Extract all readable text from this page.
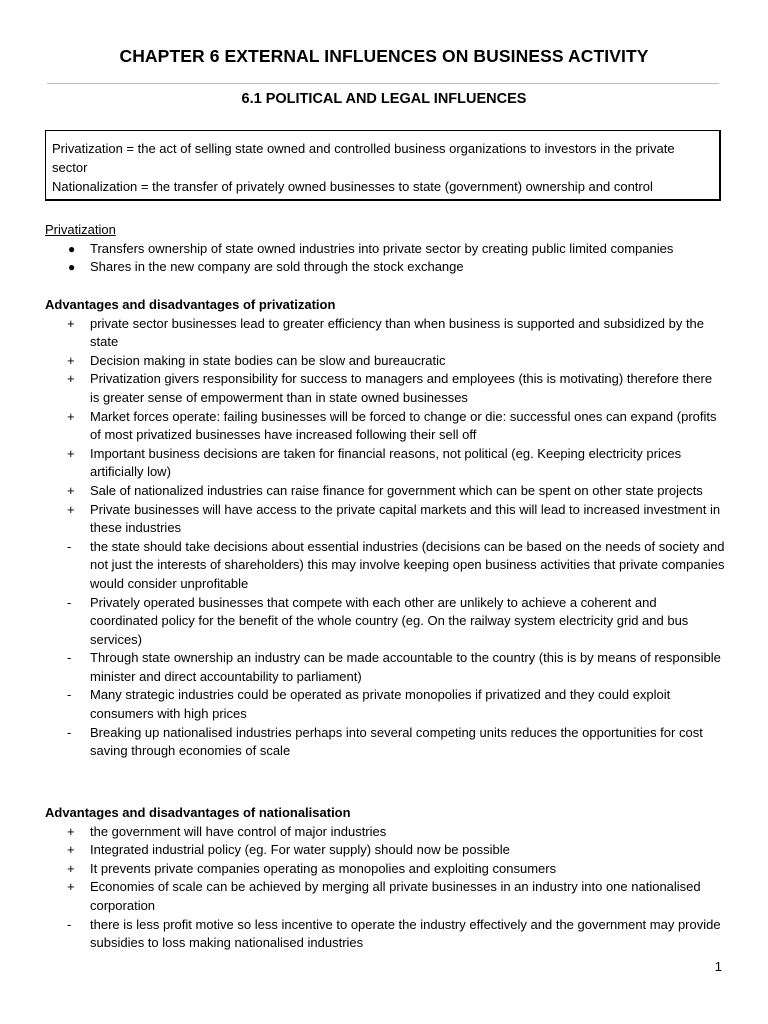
CHAPTER 6 EXTERNAL INFLUENCES ON BUSINESS ACTIVITY
6.1 POLITICAL AND LEGAL INFLUENCES

Privatization = the act of selling state owned and controlled business organizations to investors in the private sector

Nationalization = the transfer of privately owned businesses to state (government) ownership and control

Privatization

●	Transfers ownership of state owned industries into private sector by creating public limited companies
●	Shares in the new company are sold through the stock exchange

Advantages and disadvantages of privatization

+	private sector businesses lead to greater efficiency than when business is supported and subsidized by the state
+	Decision making in state bodies can be slow and bureaucratic
+	Privatization givers responsibility for success to managers and employees (this is motivating) therefore there is greater sense of empowerment than in state owned businesses
+	Market forces operate: failing businesses will be forced to change or die: successful ones can expand (profits of most privatized businesses have increased following their sell off
+	Important business decisions are taken for financial reasons, not political (eg. Keeping electricity prices artificially low)
+	Sale of nationalized industries can raise finance for government which can be spent on other state projects
+	Private businesses will have access to the private capital markets and this will lead to increased investment in these industries
-	the state should take decisions about essential industries (decisions can be based on the needs of society and not just the interests of shareholders) this may involve keeping open business activities that private companies would consider unprofitable
-	Privately operated businesses that compete with each other are unlikely to achieve a coherent and coordinated policy for the benefit of the whole country (eg. On the railway system electricity grid and bus services)
-	Through state ownership an industry can be made accountable to the country (this is by means of responsible minister and direct accountability to parliament)
-	Many strategic industries could be operated as private monopolies if privatized and they could exploit consumers with high prices
-	Breaking up nationalised industries perhaps into several competing units reduces the opportunities for cost saving through economies of scale

Advantages and disadvantages of nationalisation

+	the government will have control of major industries
+	Integrated industrial policy (eg. For water supply) should now be possible
+	It prevents private companies operating as monopolies and exploiting consumers
+	Economies of scale can be achieved by merging all private businesses in an industry into one nationalised corporation
-	there is less profit motive so less incentive to operate the industry effectively and the government may provide subsidies to loss making nationalised industries
1
